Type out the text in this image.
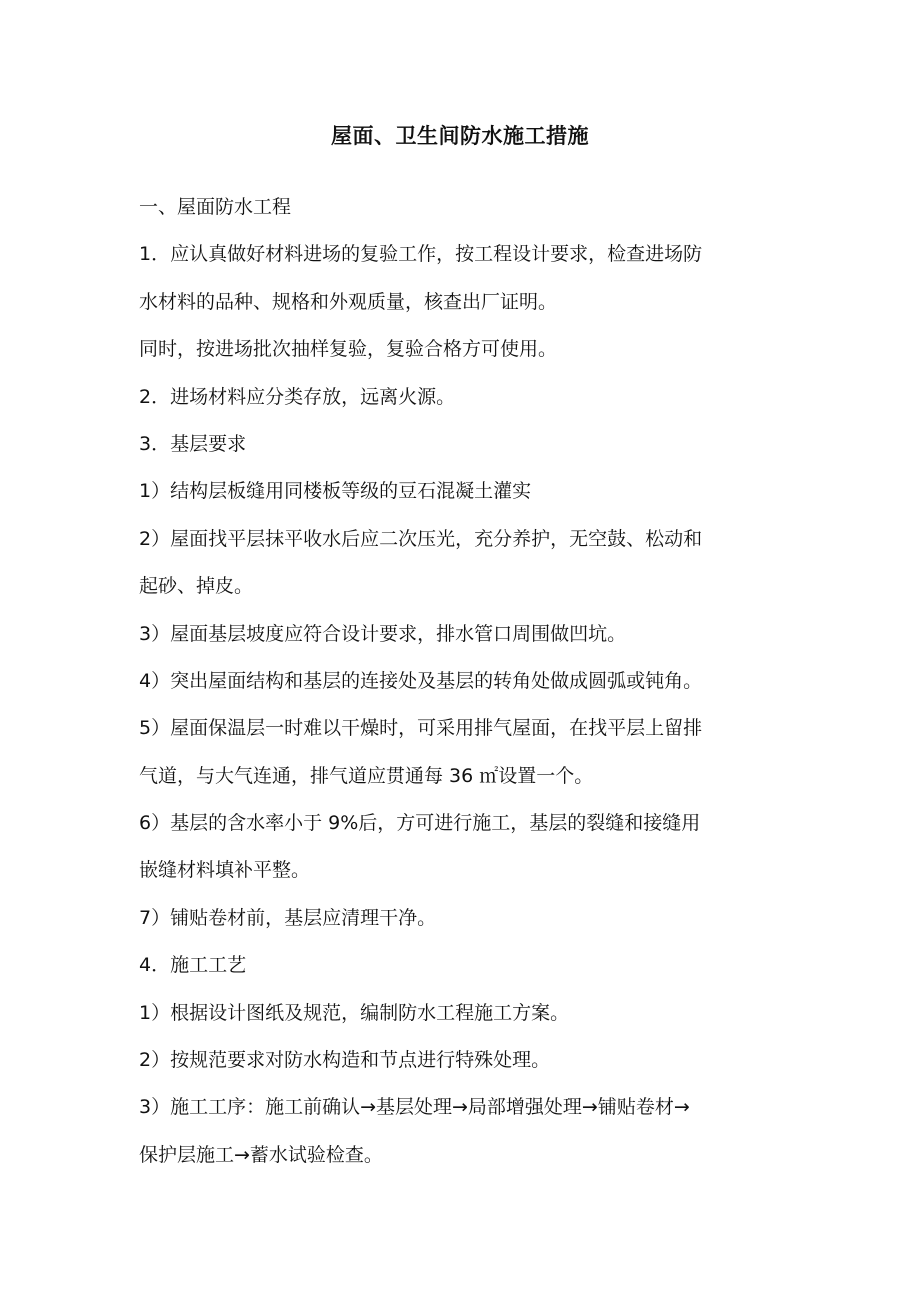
屋面、卫生间防水施工措施
一、屋面防水工程
1．应认真做好材料进场的复验工作，按工程设计要求，检查进场防
水材料的品种、规格和外观质量，核查出厂证明。
同时，按进场批次抽样复验，复验合格方可使用。
2．进场材料应分类存放，远离火源。
3．基层要求
1）结构层板缝用同楼板等级的豆石混凝土灌实
2）屋面找平层抹平收水后应二次压光，充分养护，无空鼓、松动和
起砂、掉皮。
3）屋面基层坡度应符合设计要求，排水管口周围做凹坑。
4）突出屋面结构和基层的连接处及基层的转角处做成圆弧或钝角。
5）屋面保温层一时难以干燥时，可采用排气屋面，在找平层上留排
气道，与大气连通，排气道应贯通每 36 ㎡设置一个。
6）基层的含水率小于 9%后，方可进行施工，基层的裂缝和接缝用
嵌缝材料填补平整。
7）铺贴卷材前，基层应清理干净。
4．施工工艺
1）根据设计图纸及规范，编制防水工程施工方案。
2）按规范要求对防水构造和节点进行特殊处理。
3）施工工序：施工前确认→基层处理→局部增强处理→铺贴卷材→
保护层施工→蓄水试验检查。
